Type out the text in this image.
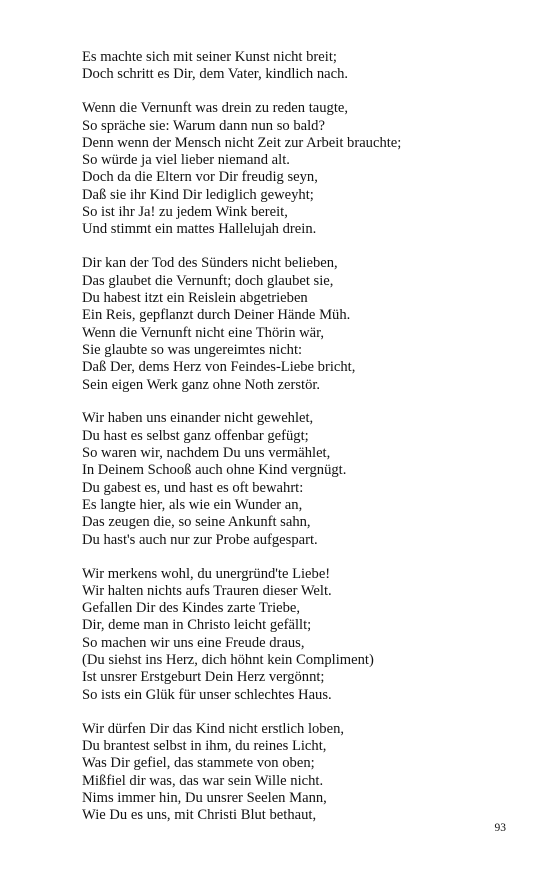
Es machte sich mit seiner Kunst nicht breit;
Doch schritt es Dir, dem Vater, kindlich nach.
Wenn die Vernunft was drein zu reden taugte,
So spräche sie: Warum dann nun so bald?
Denn wenn der Mensch nicht Zeit zur Arbeit brauchte;
So würde ja viel lieber niemand alt.
Doch da die Eltern vor Dir freudig seyn,
Daß sie ihr Kind Dir lediglich geweyht;
So ist ihr Ja! zu jedem Wink bereit,
Und stimmt ein mattes Hallelujah drein.
Dir kan der Tod des Sünders nicht belieben,
Das glaubet die Vernunft; doch glaubet sie,
Du habest itzt ein Reislein abgetrieben
Ein Reis, gepflanzt durch Deiner Hände Müh.
Wenn die Vernunft nicht eine Thörin wär,
Sie glaubte so was ungereimtes nicht:
Daß Der, dems Herz von Feindes-Liebe bricht,
Sein eigen Werk ganz ohne Noth zerstör.
Wir haben uns einander nicht gewehlet,
Du hast es selbst ganz offenbar gefügt;
So waren wir, nachdem Du uns vermählet,
In Deinem Schooß auch ohne Kind vergnügt.
Du gabest es, und hast es oft bewahrt:
Es langte hier, als wie ein Wunder an,
Das zeugen die, so seine Ankunft sahn,
Du hast's auch nur zur Probe aufgespart.
Wir merkens wohl, du unergründ'te Liebe!
Wir halten nichts aufs Trauren dieser Welt.
Gefallen Dir des Kindes zarte Triebe,
Dir, deme man in Christo leicht gefällt;
So machen wir uns eine Freude draus,
(Du siehst ins Herz, dich höhnt kein Compliment)
Ist unsrer Erstgeburt Dein Herz vergönnt;
So ists ein Glük für unser schlechtes Haus.
Wir dürfen Dir das Kind nicht erstlich loben,
Du brantest selbst in ihm, du reines Licht,
Was Dir gefiel, das stammete von oben;
Mißfiel dir was, das war sein Wille nicht.
Nims immer hin, Du unsrer Seelen Mann,
Wie Du es uns, mit Christi Blut bethaut,
93
